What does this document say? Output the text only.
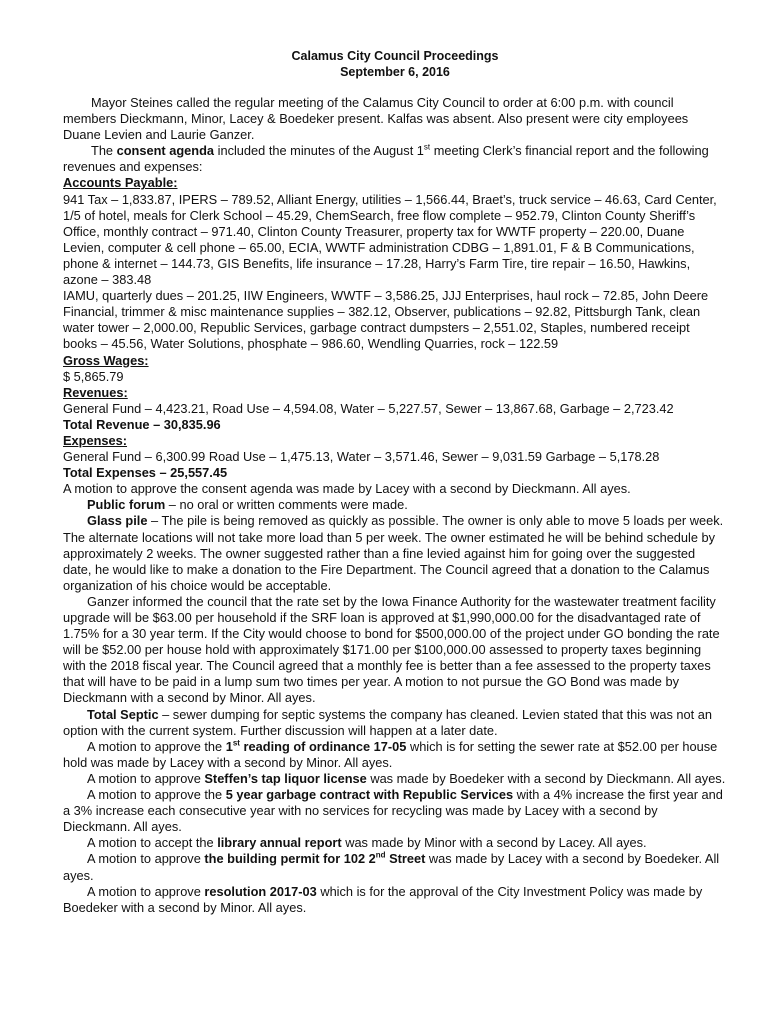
Calamus City Council Proceedings
September 6, 2016

Mayor Steines called the regular meeting of the Calamus City Council to order at 6:00 p.m. with council members Dieckmann, Minor, Lacey & Boedeker present. Kalfas was absent. Also present were city employees Duane Levien and Laurie Ganzer.

The consent agenda included the minutes of the August 1st meeting Clerk’s financial report and the following revenues and expenses:

Accounts Payable:

941 Tax – 1,833.87, IPERS – 789.52, Alliant Energy, utilities – 1,566.44, Braet’s, truck service – 46.63, Card Center, 1/5 of hotel, meals for Clerk School – 45.29, ChemSearch, free flow complete – 952.79, Clinton County Sheriff’s Office, monthly contract – 971.40, Clinton County Treasurer, property tax for WWTF property – 220.00, Duane Levien, computer & cell phone – 65.00, ECIA, WWTF administration CDBG – 1,891.01, F & B Communications, phone & internet – 144.73, GIS Benefits, life insurance – 17.28, Harry’s Farm Tire, tire repair – 16.50, Hawkins, azone – 383.48

IAMU, quarterly dues – 201.25, IIW Engineers, WWTF – 3,586.25, JJJ Enterprises, haul rock – 72.85, John Deere Financial, trimmer & misc maintenance supplies – 382.12, Observer, publications – 92.82, Pittsburgh Tank, clean water tower – 2,000.00, Republic Services, garbage contract dumpsters – 2,551.02, Staples, numbered receipt books – 45.56, Water Solutions, phosphate – 986.60, Wendling Quarries, rock – 122.59

Gross Wages:

$ 5,865.79

Revenues:

General Fund – 4,423.21, Road Use – 4,594.08, Water – 5,227.57, Sewer – 13,867.68, Garbage – 2,723.42

Total Revenue – 30,835.96

Expenses:

General Fund – 6,300.99 Road Use – 1,475.13, Water – 3,571.46, Sewer – 9,031.59 Garbage – 5,178.28

Total Expenses – 25,557.45

A motion to approve the consent agenda was made by Lacey with a second by Dieckmann. All ayes.

Public forum – no oral or written comments were made.

Glass pile – The pile is being removed as quickly as possible. The owner is only able to move 5 loads per week. The alternate locations will not take more load than 5 per week. The owner estimated he will be behind schedule by approximately 2 weeks. The owner suggested rather than a fine levied against him for going over the suggested date, he would like to make a donation to the Fire Department. The Council agreed that a donation to the Calamus organization of his choice would be acceptable.

Ganzer informed the council that the rate set by the Iowa Finance Authority for the wastewater treatment facility upgrade will be $63.00 per household if the SRF loan is approved at $1,990,000.00 for the disadvantaged rate of 1.75% for a 30 year term. If the City would choose to bond for $500,000.00 of the project under GO bonding the rate will be $52.00 per house hold with approximately $171.00 per $100,000.00 assessed to property taxes beginning with the 2018 fiscal year. The Council agreed that a monthly fee is better than a fee assessed to the property taxes that will have to be paid in a lump sum two times per year. A motion to not pursue the GO Bond was made by Dieckmann with a second by Minor. All ayes.

Total Septic – sewer dumping for septic systems the company has cleaned. Levien stated that this was not an option with the current system. Further discussion will happen at a later date.

A motion to approve the 1st reading of ordinance 17-05 which is for setting the sewer rate at $52.00 per house hold was made by Lacey with a second by Minor. All ayes.

A motion to approve Steffen’s tap liquor license was made by Boedeker with a second by Dieckmann. All ayes.

A motion to approve the 5 year garbage contract with Republic Services with a 4% increase the first year and a 3% increase each consecutive year with no services for recycling was made by Lacey with a second by Dieckmann. All ayes.

A motion to accept the library annual report was made by Minor with a second by Lacey. All ayes.

A motion to approve the building permit for 102 2nd Street was made by Lacey with a second by Boedeker. All ayes.

A motion to approve resolution 2017-03 which is for the approval of the City Investment Policy was made by Boedeker with a second by Minor. All ayes.
